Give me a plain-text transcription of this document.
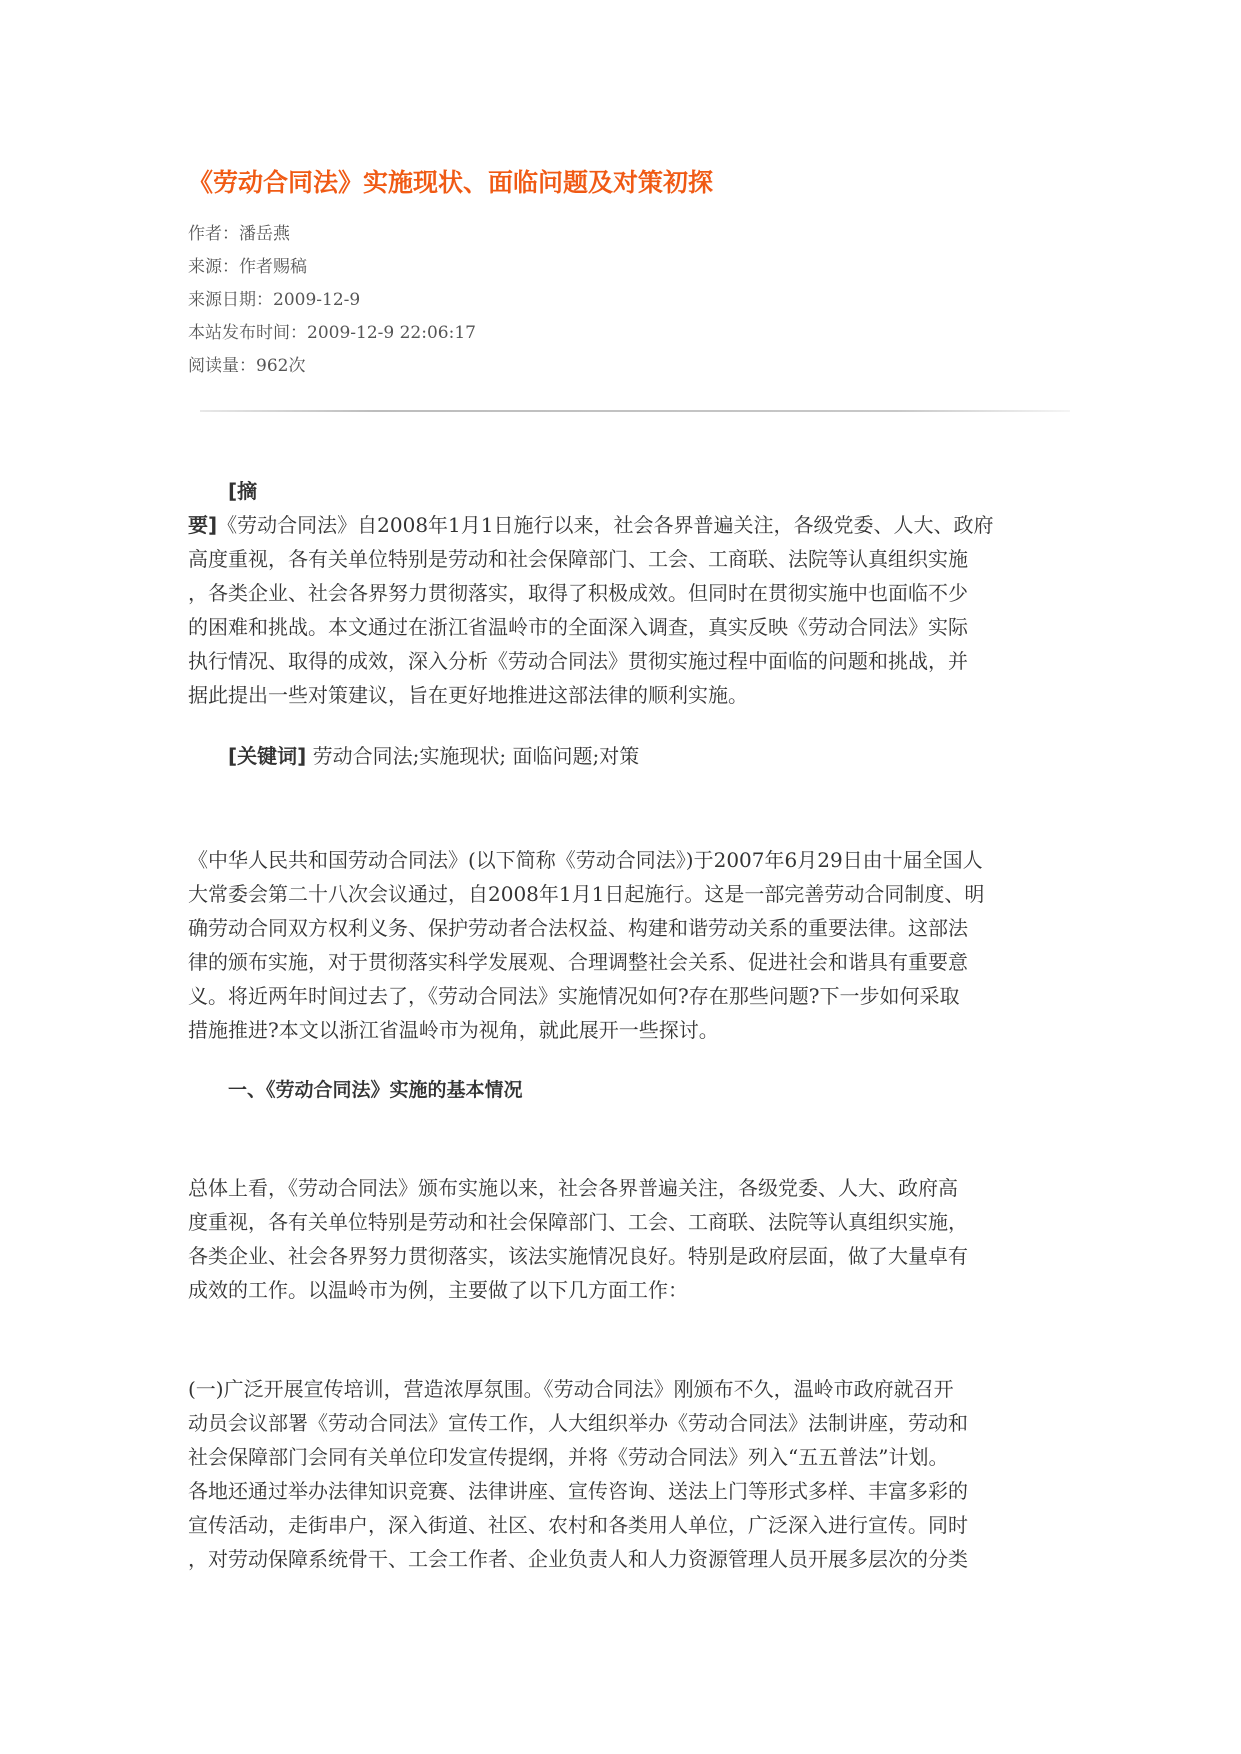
《劳动合同法》实施现状、面临问题及对策初探
作者：潘岳燕
来源：作者赐稿
来源日期：2009-12-9
本站发布时间：2009-12-9 22:06:17
阅读量：962次
[摘
要]《劳动合同法》自2008年1月1日施行以来，社会各界普遍关注，各级党委、人大、政府
高度重视，各有关单位特别是劳动和社会保障部门、工会、工商联、法院等认真组织实施
，各类企业、社会各界努力贯彻落实，取得了积极成效。但同时在贯彻实施中也面临不少
的困难和挑战。本文通过在浙江省温岭市的全面深入调查，真实反映《劳动合同法》实际
执行情况、取得的成效，深入分析《劳动合同法》贯彻实施过程中面临的问题和挑战，并
据此提出一些对策建议，旨在更好地推进这部法律的顺利实施。
[关键词] 劳动合同法;实施现状; 面临问题;对策
《中华人民共和国劳动合同法》(以下简称《劳动合同法》)于2007年6月29日由十届全国人
大常委会第二十八次会议通过，自2008年1月1日起施行。这是一部完善劳动合同制度、明
确劳动合同双方权利义务、保护劳动者合法权益、构建和谐劳动关系的重要法律。这部法
律的颁布实施，对于贯彻落实科学发展观、合理调整社会关系、促进社会和谐具有重要意
义。将近两年时间过去了，《劳动合同法》实施情况如何?存在那些问题?下一步如何采取
措施推进?本文以浙江省温岭市为视角，就此展开一些探讨。
一、《劳动合同法》实施的基本情况
总体上看，《劳动合同法》颁布实施以来，社会各界普遍关注，各级党委、人大、政府高
度重视，各有关单位特别是劳动和社会保障部门、工会、工商联、法院等认真组织实施，
各类企业、社会各界努力贯彻落实，该法实施情况良好。特别是政府层面，做了大量卓有
成效的工作。以温岭市为例，主要做了以下几方面工作：
(一)广泛开展宣传培训，营造浓厚氛围。《劳动合同法》刚颁布不久，温岭市政府就召开
动员会议部署《劳动合同法》宣传工作，人大组织举办《劳动合同法》法制讲座，劳动和
社会保障部门会同有关单位印发宣传提纲，并将《劳动合同法》列入“五五普法”计划。
各地还通过举办法律知识竞赛、法律讲座、宣传咨询、送法上门等形式多样、丰富多彩的
宣传活动，走街串户，深入街道、社区、农村和各类用人单位，广泛深入进行宣传。同时
，对劳动保障系统骨干、工会工作者、企业负责人和人力资源管理人员开展多层次的分类
